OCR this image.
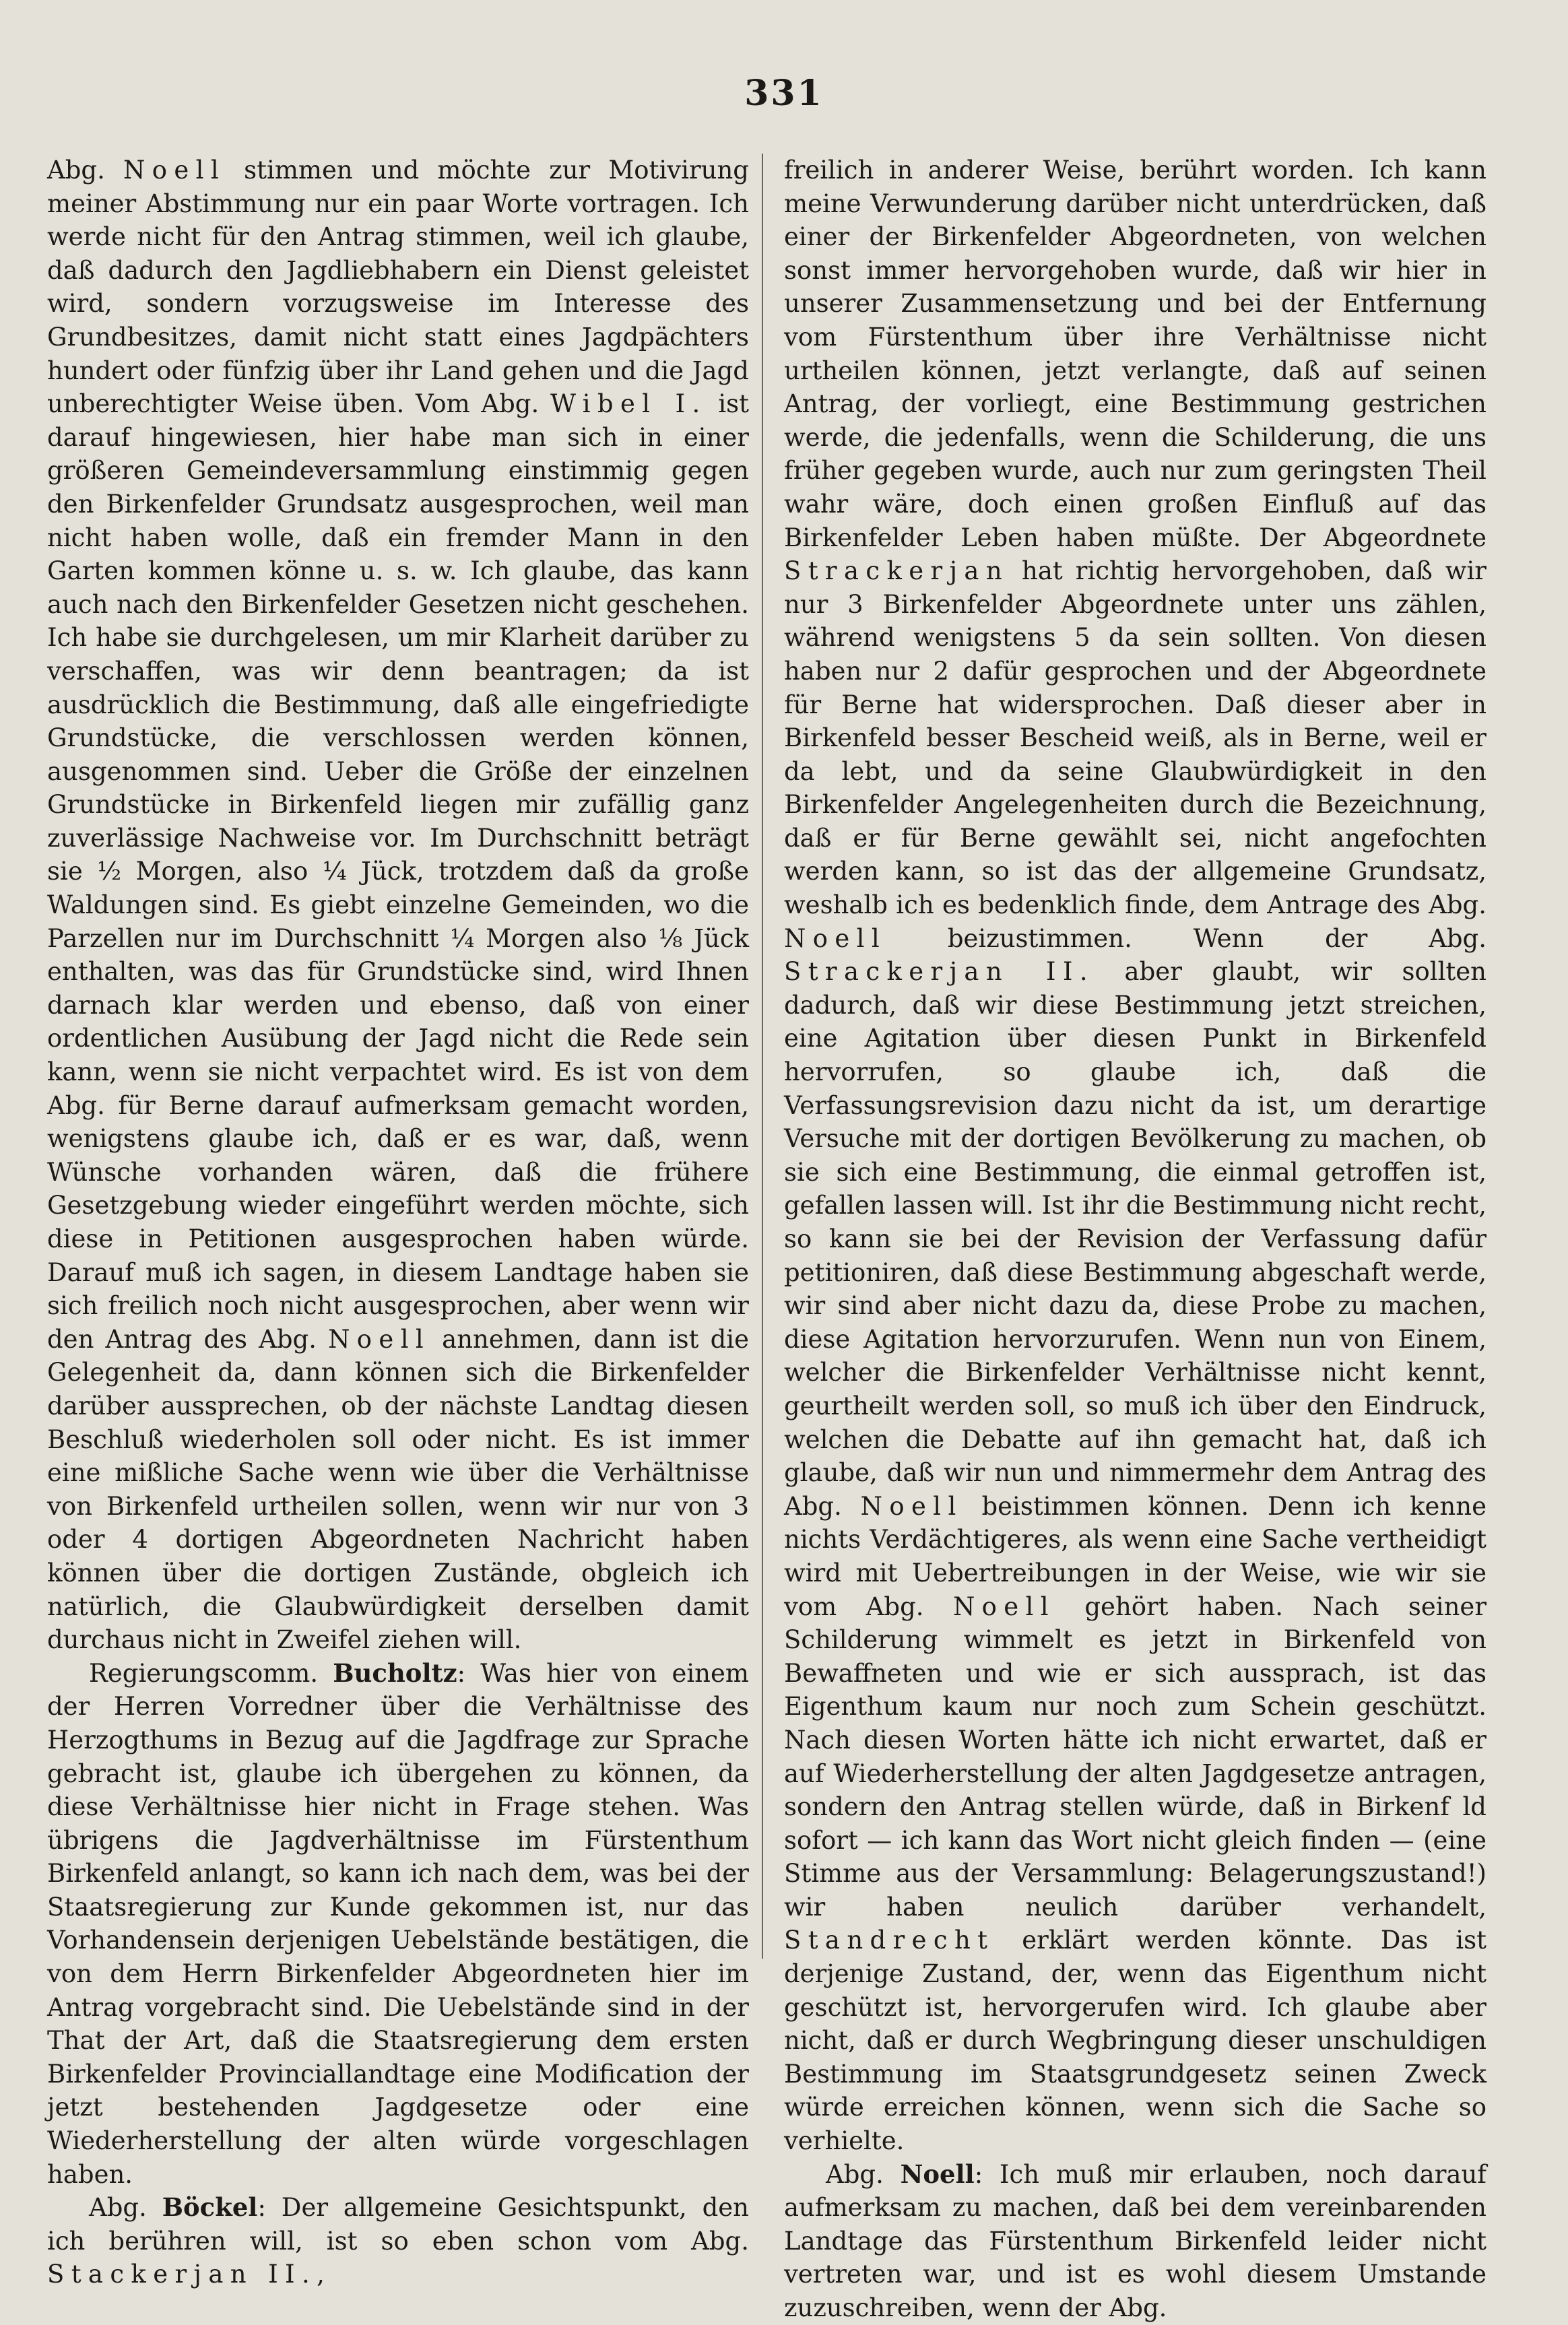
331

Abg. Noell stimmen und möchte zur Motivirung meiner Abstimmung nur ein paar Worte vortragen. Ich werde nicht für den Antrag stimmen, weil ich glaube, daß dadurch den Jagdliebhabern ein Dienst geleistet wird, sondern vorzugsweise im Interesse des Grundbesitzes, damit nicht statt eines Jagdpächters hundert oder fünfzig über ihr Land gehen und die Jagd unberechtigter Weise üben. Vom Abg. Wibel I. ist darauf hingewiesen, hier habe man sich in einer größeren Gemeindeversammlung einstimmig gegen den Birkenfelder Grundsatz ausgesprochen, weil man nicht haben wolle, daß ein fremder Mann in den Garten kommen könne u. s. w. Ich glaube, das kann auch nach den Birkenfelder Gesetzen nicht geschehen. Ich habe sie durchgelesen, um mir Klarheit darüber zu verschaffen, was wir denn beantragen; da ist ausdrücklich die Bestimmung, daß alle eingefriedigte Grundstücke, die verschlossen werden können, ausgenommen sind. Ueber die Größe der einzelnen Grundstücke in Birkenfeld liegen mir zufällig ganz zuverlässige Nachweise vor. Im Durchschnitt beträgt sie ½ Morgen, also ¼ Jück, trotzdem daß da große Waldungen sind. Es giebt einzelne Gemeinden, wo die Parzellen nur im Durchschnitt ¼ Morgen also ⅛ Jück enthalten, was das für Grundstücke sind, wird Ihnen darnach klar werden und ebenso, daß von einer ordentlichen Ausübung der Jagd nicht die Rede sein kann, wenn sie nicht verpachtet wird. Es ist von dem Abg. für Berne darauf aufmerksam gemacht worden, wenigstens glaube ich, daß er es war, daß, wenn Wünsche vorhanden wären, daß die frühere Gesetzgebung wieder eingeführt werden möchte, sich diese in Petitionen ausgesprochen haben würde. Darauf muß ich sagen, in diesem Landtage haben sie sich freilich noch nicht ausgesprochen, aber wenn wir den Antrag des Abg. Noell annehmen, dann ist die Gelegenheit da, dann können sich die Birkenfelder darüber aussprechen, ob der nächste Landtag diesen Beschluß wiederholen soll oder nicht. Es ist immer eine mißliche Sache wenn wie über die Verhältnisse von Birkenfeld urtheilen sollen, wenn wir nur von 3 oder 4 dortigen Abgeordneten Nachricht haben können über die dortigen Zustände, obgleich ich natürlich, die Glaubwürdigkeit derselben damit durchaus nicht in Zweifel ziehen will.

Regierungscomm. Bucholtz: Was hier von einem der Herren Vorredner über die Verhältnisse des Herzogthums in Bezug auf die Jagdfrage zur Sprache gebracht ist, glaube ich übergehen zu können, da diese Verhältnisse hier nicht in Frage stehen. Was übrigens die Jagdverhältnisse im Fürstenthum Birkenfeld anlangt, so kann ich nach dem, was bei der Staatsregierung zur Kunde gekommen ist, nur das Vorhandensein derjenigen Uebelstände bestätigen, die von dem Herrn Birkenfelder Abgeordneten hier im Antrag vorgebracht sind. Die Uebelstände sind in der That der Art, daß die Staatsregierung dem ersten Birkenfelder Provinciallandtage eine Modification der jetzt bestehenden Jagdgesetze oder eine Wiederherstellung der alten würde vorgeschlagen haben.

Abg. Böckel: Der allgemeine Gesichtspunkt, den ich berühren will, ist so eben schon vom Abg. Stackerjan II.,

freilich in anderer Weise, berührt worden. Ich kann meine Verwunderung darüber nicht unterdrücken, daß einer der Birkenfelder Abgeordneten, von welchen sonst immer hervorgehoben wurde, daß wir hier in unserer Zusammensetzung und bei der Entfernung vom Fürstenthum über ihre Verhältnisse nicht urtheilen können, jetzt verlangte, daß auf seinen Antrag, der vorliegt, eine Bestimmung gestrichen werde, die jedenfalls, wenn die Schilderung, die uns früher gegeben wurde, auch nur zum geringsten Theil wahr wäre, doch einen großen Einfluß auf das Birkenfelder Leben haben müßte. Der Abgeordnete Strackerjan hat richtig hervorgehoben, daß wir nur 3 Birkenfelder Abgeordnete unter uns zählen, während wenigstens 5 da sein sollten. Von diesen haben nur 2 dafür gesprochen und der Abgeordnete für Berne hat widersprochen. Daß dieser aber in Birkenfeld besser Bescheid weiß, als in Berne, weil er da lebt, und da seine Glaubwürdigkeit in den Birkenfelder Angelegenheiten durch die Bezeichnung, daß er für Berne gewählt sei, nicht angefochten werden kann, so ist das der allgemeine Grundsatz, weshalb ich es bedenklich finde, dem Antrage des Abg. Noell beizustimmen. Wenn der Abg. Strackerjan II. aber glaubt, wir sollten dadurch, daß wir diese Bestimmung jetzt streichen, eine Agitation über diesen Punkt in Birkenfeld hervorrufen, so glaube ich, daß die Verfassungsrevision dazu nicht da ist, um derartige Versuche mit der dortigen Bevölkerung zu machen, ob sie sich eine Bestimmung, die einmal getroffen ist, gefallen lassen will. Ist ihr die Bestimmung nicht recht, so kann sie bei der Revision der Verfassung dafür petitioniren, daß diese Bestimmung abgeschaft werde, wir sind aber nicht dazu da, diese Probe zu machen, diese Agitation hervorzurufen. Wenn nun von Einem, welcher die Birkenfelder Verhältnisse nicht kennt, geurtheilt werden soll, so muß ich über den Eindruck, welchen die Debatte auf ihn gemacht hat, daß ich glaube, daß wir nun und nimmermehr dem Antrag des Abg. Noell beistimmen können. Denn ich kenne nichts Verdächtigeres, als wenn eine Sache vertheidigt wird mit Uebertreibungen in der Weise, wie wir sie vom Abg. Noell gehört haben. Nach seiner Schilderung wimmelt es jetzt in Birkenfeld von Bewaffneten und wie er sich aussprach, ist das Eigenthum kaum nur noch zum Schein geschützt. Nach diesen Worten hätte ich nicht erwartet, daß er auf Wiederherstellung der alten Jagdgesetze antragen, sondern den Antrag stellen würde, daß in Birkenf ld sofort — ich kann das Wort nicht gleich finden — (eine Stimme aus der Versammlung: Belagerungszustand!) wir haben neulich darüber verhandelt, Standrecht erklärt werden könnte. Das ist derjenige Zustand, der, wenn das Eigenthum nicht geschützt ist, hervorgerufen wird. Ich glaube aber nicht, daß er durch Wegbringung dieser unschuldigen Bestimmung im Staatsgrundgesetz seinen Zweck würde erreichen können, wenn sich die Sache so verhielte.

Abg. Noell: Ich muß mir erlauben, noch darauf aufmerksam zu machen, daß bei dem vereinbarenden Landtage das Fürstenthum Birkenfeld leider nicht vertreten war, und ist es wohl diesem Umstande zuzuschreiben, wenn der Abg.
